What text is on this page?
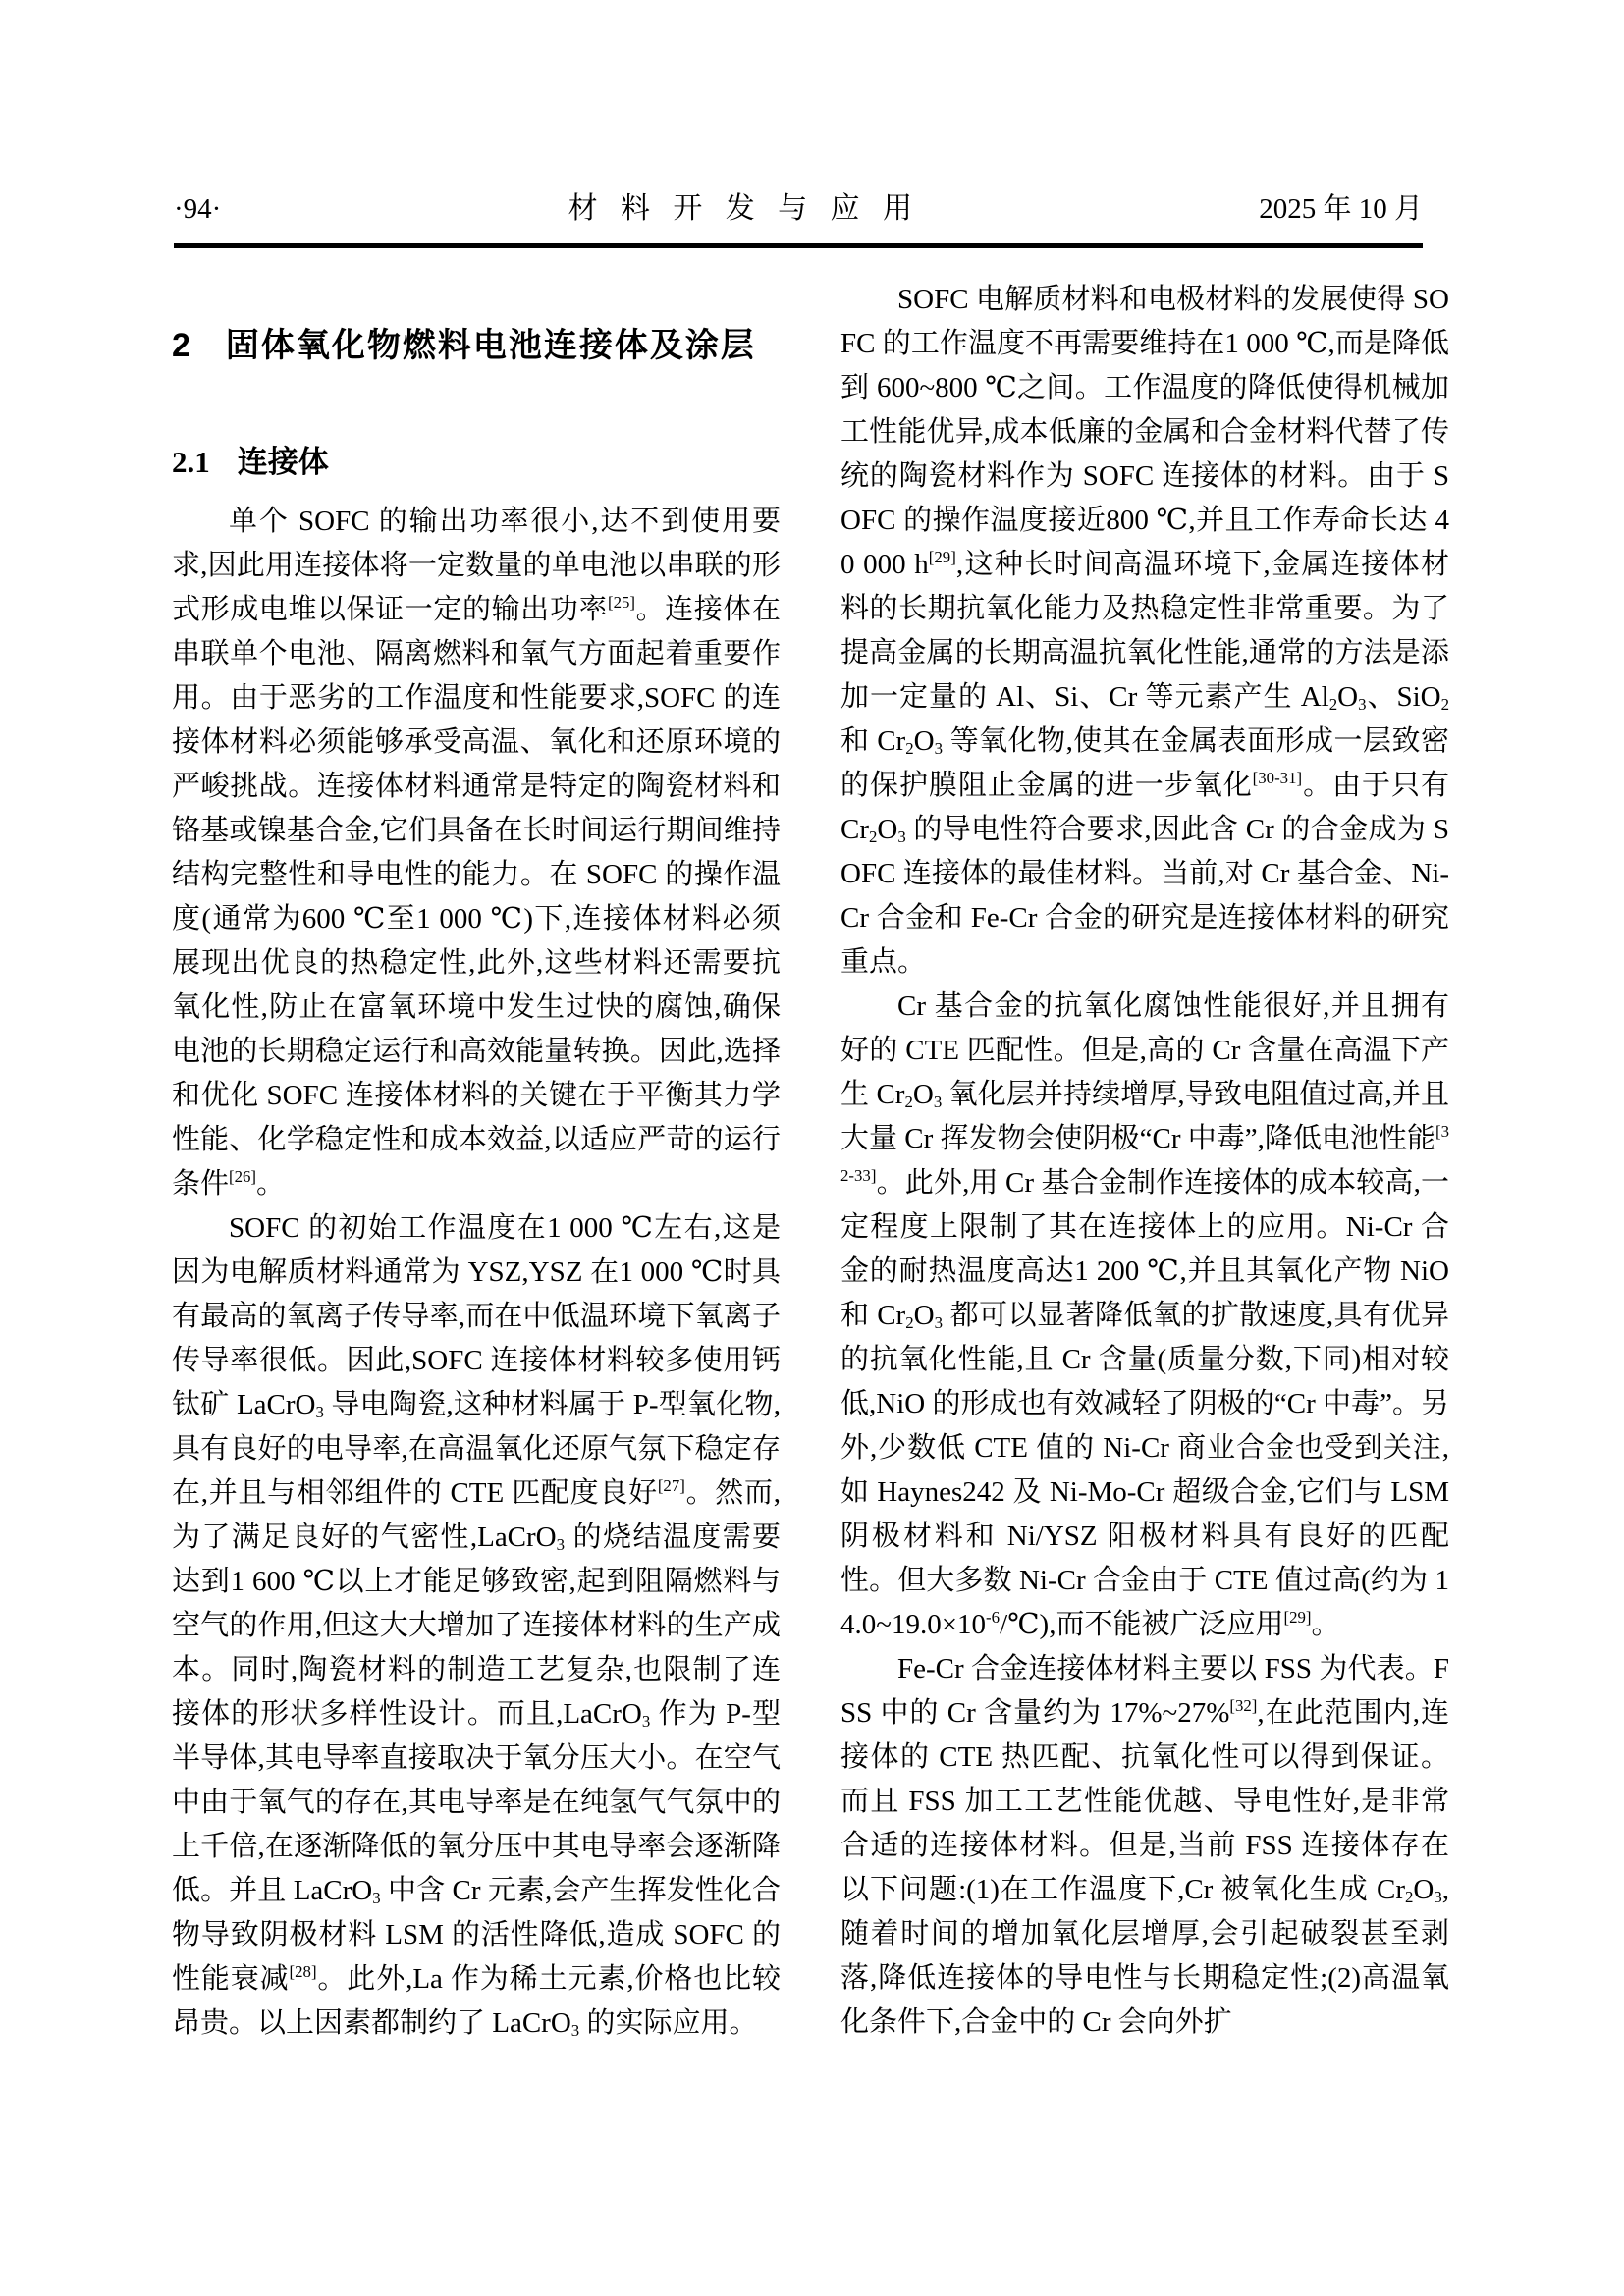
·94·	材料开发与应用	2025 年 10 月
2 固体氧化物燃料电池连接体及涂层
2.1 连接体

单个 SOFC 的输出功率很小,达不到使用要求,因此用连接体将一定数量的单电池以串联的形式形成电堆以保证一定的输出功率[25]。连接体在串联单个电池、隔离燃料和氧气方面起着重要作用。由于恶劣的工作温度和性能要求,SOFC 的连接体材料必须能够承受高温、氧化和还原环境的严峻挑战。连接体材料通常是特定的陶瓷材料和铬基或镍基合金,它们具备在长时间运行期间维持结构完整性和导电性的能力。在 SOFC 的操作温度(通常为600 ℃至1 000 ℃)下,连接体材料必须展现出优良的热稳定性,此外,这些材料还需要抗氧化性,防止在富氧环境中发生过快的腐蚀,确保电池的长期稳定运行和高效能量转换。因此,选择和优化 SOFC 连接体材料的关键在于平衡其力学性能、化学稳定性和成本效益,以适应严苛的运行条件[26]。

SOFC 的初始工作温度在1 000 ℃左右,这是因为电解质材料通常为 YSZ,YSZ 在1 000 ℃时具有最高的氧离子传导率,而在中低温环境下氧离子传导率很低。因此,SOFC 连接体材料较多使用钙钛矿 LaCrO$_3$ 导电陶瓷,这种材料属于 P-型氧化物,具有良好的电导率,在高温氧化还原气氛下稳定存在,并且与相邻组件的 CTE 匹配度良好[27]。然而,为了满足良好的气密性,LaCrO$_3$ 的烧结温度需要达到1 600 ℃以上才能足够致密,起到阻隔燃料与空气的作用,但这大大增加了连接体材料的生产成本。同时,陶瓷材料的制造工艺复杂,也限制了连接体的形状多样性设计。而且,LaCrO$_3$ 作为 P-型半导体,其电导率直接取决于氧分压大小。在空气中由于氧气的存在,其电导率是在纯氢气气氛中的上千倍,在逐渐降低的氧分压中其电导率会逐渐降低。并且 LaCrO$_3$ 中含 Cr 元素,会产生挥发性化合物导致阴极材料 LSM 的活性降低,造成 SOFC 的性能衰减[28]。此外,La 作为稀土元素,价格也比较昂贵。以上因素都制约了 LaCrO$_3$ 的实际应用。

SOFC 电解质材料和电极材料的发展使得 SOFC 的工作温度不再需要维持在1 000 ℃,而是降低到 600~800 ℃之间。工作温度的降低使得机械加工性能优异,成本低廉的金属和合金材料代替了传统的陶瓷材料作为 SOFC 连接体的材料。由于 SOFC 的操作温度接近800 ℃,并且工作寿命长达 40 000 h[29],这种长时间高温环境下,金属连接体材料的长期抗氧化能力及热稳定性非常重要。为了提高金属的长期高温抗氧化性能,通常的方法是添加一定量的 Al、Si、Cr 等元素产生 $Al_2O_3$、SiO$_2$ 和 $Cr_2O_3$ 等氧化物,使其在金属表面形成一层致密的保护膜阻止金属的进一步氧化[30-31]。由于只有 $Cr_2O_3$ 的导电性符合要求,因此含 Cr 的合金成为 SOFC 连接体的最佳材料。当前,对 Cr 基合金、Ni-Cr 合金和 Fe-Cr 合金的研究是连接体材料的研究重点。

Cr 基合金的抗氧化腐蚀性能很好,并且拥有好的 CTE 匹配性。但是,高的 Cr 含量在高温下产生 $Cr_2O_3$ 氧化层并持续增厚,导致电阻值过高,并且大量 Cr 挥发物会使阴极“Cr 中毒”,降低电池性能[32-33]。此外,用 Cr 基合金制作连接体的成本较高,一定程度上限制了其在连接体上的应用。Ni-Cr 合金的耐热温度高达1 200 ℃,并且其氧化产物 NiO 和 $Cr_2O_3$ 都可以显著降低氧的扩散速度,具有优异的抗氧化性能,且 Cr 含量(质量分数,下同)相对较低,NiO 的形成也有效减轻了阴极的“Cr 中毒”。另外,少数低 CTE 值的 Ni-Cr 商业合金也受到关注,如 Haynes242 及 Ni-Mo-Cr 超级合金,它们与 LSM 阴极材料和 Ni/YSZ 阳极材料具有良好的匹配性。但大多数 Ni-Cr 合金由于 CTE 值过高(约为 $14.0\sim 19.0\times 10^{-6}/℃$),而不能被广泛应用[29]。

Fe-Cr 合金连接体材料主要以 FSS 为代表。FSS 中的 Cr 含量约为 17%~27%[32],在此范围内,连接体的 CTE 热匹配、抗氧化性可以得到保证。而且 FSS 加工工艺性能优越、导电性好,是非常合适的连接体材料。但是,当前 FSS 连接体存在以下问题:(1)在工作温度下,Cr 被氧化生成 $Cr_2O_3$,随着时间的增加氧化层增厚,会引起破裂甚至剥落,降低连接体的导电性与长期稳定性;(2)高温氧化条件下,合金中的 Cr 会向外扩
